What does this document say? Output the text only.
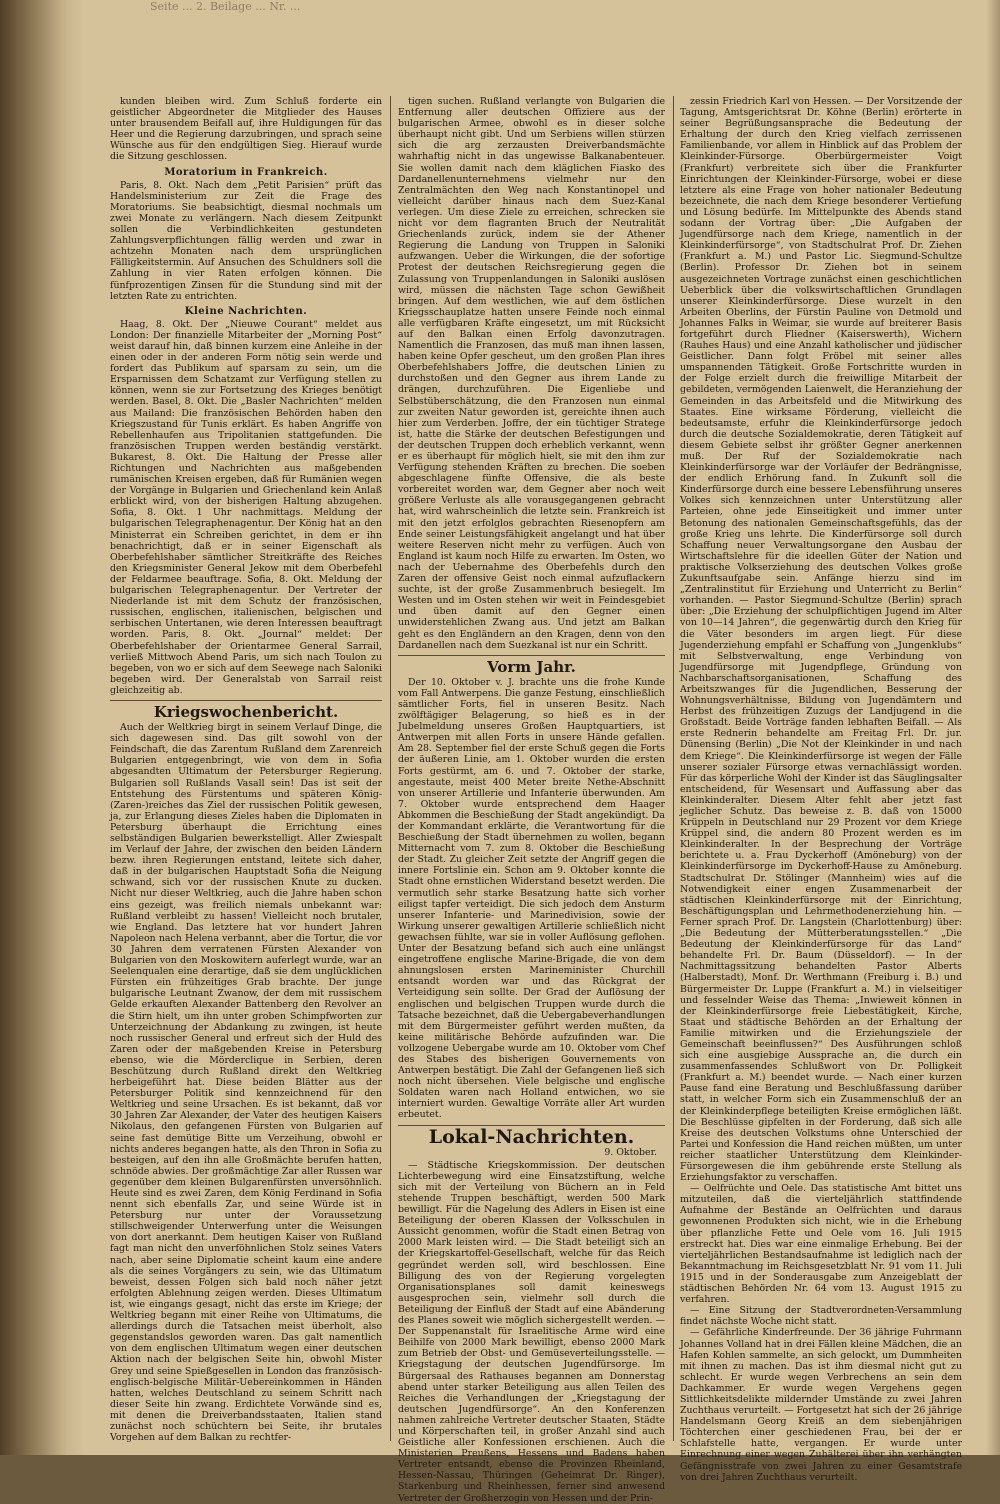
Seite ... 2. Beilage ... Nr. ...

kunden bleiben wird. Zum Schluß forderte ein geistlicher Abgeordneter die Mitglieder des Hauses unter brausendem Beifall auf, ihre Huldigungen für das Heer und die Regierung darzubringen, und sprach seine Wünsche aus für den endgültigen Sieg. Hierauf wurde die Sitzung geschlossen.

Moratorium in Frankreich.

Paris, 8. Okt. Nach dem „Petit Parisien“ prüft das Handelsministerium zur Zeit die Frage des Moratoriums. Sie beabsichtigt, diesmal nochmals um zwei Monate zu verlängern. Nach diesem Zeitpunkt sollen die Verbindlichkeiten gestundeten Zahlungsverpflichtungen fällig werden und zwar in achtzehn Monaten nach dem ursprünglichen Fälligkeitstermin. Auf Ansuchen des Schuldners soll die Zahlung in vier Raten erfolgen können. Die fünfprozentigen Zinsen für die Stundung sind mit der letzten Rate zu entrichten.

Kleine Nachrichten.

Haag, 8. Okt. Der „Nieuwe Courant“ meldet aus London: Der finanzielle Mitarbeiter der „Morning Post“ weist darauf hin, daß binnen kurzem eine Anleihe in der einen oder in der anderen Form nötig sein werde und fordert das Publikum auf sparsam zu sein, um die Ersparnissen dem Schatzamt zur Verfügung stellen zu können, wenn sie zur Fortsetzung des Krieges benötigt werden. Basel, 8. Okt. Die „Basler Nachrichten“ melden aus Mailand: Die französischen Behörden haben den Kriegszustand für Tunis erklärt. Es haben Angriffe von Rebellenhaufen aus Tripolitanien stattgefunden. Die französischen Truppen werden beständig verstärkt. Bukarest, 8. Okt. Die Haltung der Presse aller Richtungen und Nachrichten aus maßgebenden rumänischen Kreisen ergeben, daß für Rumänien wegen der Vorgänge in Bulgarien und Griechenland kein Anlaß erblickt wird, von der bisherigen Haltung abzugehen. Sofia, 8. Okt. 1 Uhr nachmittags. Meldung der bulgarischen Telegraphenagentur. Der König hat an den Ministerrat ein Schreiben gerichtet, in dem er ihn benachrichtigt, daß er in seiner Eigenschaft als Oberbefehlshaber sämtlicher Streitkräfte des Reiches den Kriegsminister General Jekow mit dem Oberbefehl der Feldarmee beauftrage. Sofia, 8. Okt. Meldung der bulgarischen Telegraphenagentur. Der Vertreter der Niederlande ist mit dem Schutz der französischen, russischen, englischen, italienischen, belgischen und serbischen Untertanen, wie deren Interessen beauftragt worden. Paris, 8. Okt. „Journal“ meldet: Der Oberbefehlshaber der Orientarmee General Sarrail, verließ Mittwoch Abend Paris, um sich nach Toulon zu begeben, von wo er sich auf dem Seewege nach Saloniki begeben wird. Der Generalstab von Sarrail reist gleichzeitig ab.

Kriegswochenbericht.

Auch der Weltkrieg birgt in seinem Verlauf Dinge, die sich dagewesen sind. Das gilt sowohl von der Feindschaft, die das Zarentum Rußland dem Zarenreich Bulgarien entgegenbringt, wie von dem in Sofia abgesandten Ultimatum der Petersburger Regierung. Bulgarien soll Rußlands Vasall sein! Das ist seit der Entstehung des Fürstentums und späteren König-(Zaren-)reiches das Ziel der russischen Politik gewesen, ja, zur Erlangung dieses Zieles haben die Diplomaten in Petersburg überhaupt die Errichtung eines selbständigen Bulgarien bewerkstelligt. Aller Zwiespalt im Verlauf der Jahre, der zwischen den beiden Ländern bezw. ihren Regierungen entstand, leitete sich daher, daß in der bulgarischen Hauptstadt Sofia die Neigung schwand, sich vor der russischen Knute zu ducken. Nicht nur dieser Weltkrieg, auch die Jahre haben schon eins gezeigt, was freilich niemals unbekannt war: Rußland verbleibt zu hassen! Vielleicht noch brutaler, wie England. Das letztere hat vor hundert Jahren Napoleon nach Helena verbannt, aber die Tortur, die vor 30 Jahren dem verratenen Fürsten Alexander von Bulgarien von den Moskowitern auferlegt wurde, war an Seelenqualen eine derartige, daß sie dem unglücklichen Fürsten ein frühzeitiges Grab brachte. Der junge bulgarische Leutnant Zwanow, der dem mit russischem Gelde erkauften Alexander Battenberg den Revolver an die Stirn hielt, um ihn unter groben Schimpfworten zur Unterzeichnung der Abdankung zu zwingen, ist heute noch russischer General und erfreut sich der Huld des Zaren oder der maßgebenden Kreise in Petersburg ebenso, wie die Mörderclique in Serbien, deren Beschützung durch Rußland direkt den Weltkrieg herbeigeführt hat. Diese beiden Blätter aus der Petersburger Politik sind kennzeichnend für den Weltkrieg und seine Ursachen. Es ist bekannt, daß vor 30 Jahren Zar Alexander, der Vater des heutigen Kaisers Nikolaus, den gefangenen Fürsten von Bulgarien auf seine fast demütige Bitte um Verzeihung, obwohl er nichts anderes begangen hatte, als den Thron in Sofia zu besteigen, auf den ihn alle Großmächte berufen hatten, schnöde abwies. Der großmächtige Zar aller Russen war gegenüber dem kleinen Bulgarenfürsten unversöhnlich. Heute sind es zwei Zaren, dem König Ferdinand in Sofia nennt sich ebenfalls Zar, und seine Würde ist in Petersburg nur unter der Voraussetzung stillschweigender Unterwerfung unter die Weisungen von dort anerkannt. Dem heutigen Kaiser von Rußland fagt man nicht den unverföhnlichen Stolz seines Vaters nach, aber seine Diplomatie scheint kaum eine andere als die seines Vorgängers zu sein, wie das Ultimatum beweist, dessen Folgen sich bald noch näher jetzt erfolgten Ablehnung zeigen werden. Dieses Ultimatum ist, wie eingangs gesagt, nicht das erste im Kriege; der Weltkrieg begann mit einer Reihe von Ultimatums, die allerdings durch die Tatsachen meist überholt, also gegenstandslos geworden waren. Das galt namentlich von dem englischen Ultimatum wegen einer deutschen Aktion nach der belgischen Seite hin, obwohl Mister Grey und seine Spießgesellen in London das französisch-englisch-belgische Militär-Uebereinkommen in Händen hatten, welches Deutschland zu seinem Schritt nach dieser Seite hin zwang. Erdichtete Vorwände sind es, mit denen die Dreiverbandsstaaten, Italien stand zunächst noch schüchtern bei Seite, ihr brutales Vorgehen auf dem Balkan zu rechtfer-

tigen suchen. Rußland verlangte von Bulgarien die Entfernung aller deutschen Offiziere aus der bulgarischen Armee, obwohl es in dieser solche überhaupt nicht gibt. Und um Serbiens willen stürzen sich die arg zerzausten Dreiverbandsmächte wahrhaftig nicht in das ungewisse Balkanabenteuer. Sie wollen damit nach dem kläglichen Fiasko des Dardanellenunternehmens vielmehr nur den Zentralmächten den Weg nach Konstantinopel und vielleicht darüber hinaus nach dem Suez-Kanal verlegen. Um diese Ziele zu erreichen, schrecken sie nicht vor dem flagranten Bruch der Neutralität Griechenlands zurück, indem sie der Athener Regierung die Landung von Truppen in Saloniki aufzwangen. Ueber die Wirkungen, die der sofortige Protest der deutschen Reichsregierung gegen die Zulassung von Truppenlandungen in Saloniki auslösen wird, müssen die nächsten Tage schon Gewißheit bringen. Auf dem westlichen, wie auf dem östlichen Kriegsschauplatze hatten unsere Feinde noch einmal alle verfügbaren Kräfte eingesetzt, um mit Rücksicht auf den Balkan einen Erfolg davonzutragen. Namentlich die Franzosen, das muß man ihnen lassen, haben keine Opfer gescheut, um den großen Plan ihres Oberbefehlshabers Joffre, die deutschen Linien zu durchstoßen und den Gegner aus ihrem Lande zu drängen, durchzuführen. Die Eigenliebe und Selbstüberschätzung, die den Franzosen nun einmal zur zweiten Natur geworden ist, gereichte ihnen auch hier zum Verderben. Joffre, der ein tüchtiger Stratege ist, hatte die Stärke der deutschen Befestigungen und der deutschen Truppen doch erheblich verkannt, wenn er es überhaupt für möglich hielt, sie mit den ihm zur Verfügung stehenden Kräften zu brechen. Die soeben abgeschlagene fünfte Offensive, die als beste vorbereitet worden war, dem Gegner aber noch weit größere Verluste als alle vorausgegangenen gebracht hat, wird wahrscheinlich die letzte sein. Frankreich ist mit den jetzt erfolglos gebrachten Riesenopfern am Ende seiner Leistungsfähigkeit angelangt und hat über weitere Reserven nicht mehr zu verfügen. Auch von England ist kaum noch Hilfe zu erwarten. Im Osten, wo nach der Uebernahme des Oberbefehls durch den Zaren der offensive Geist noch einmal aufzuflackern suchte, ist der große Zusammenbruch besiegelt. Im Westen und im Osten stehen wir weit in Feindesgebiet und üben damit auf den Gegner einen unwiderstehlichen Zwang aus. Und jetzt am Balkan geht es den Engländern an den Kragen, denn von den Dardanellen nach dem Suezkanal ist nur ein Schritt.

Vorm Jahr.

Der 10. Oktober v. J. brachte uns die frohe Kunde vom Fall Antwerpens. Die ganze Festung, einschließlich sämtlicher Forts, fiel in unseren Besitz. Nach zwölftägiger Belagerung, so hieß es in der Jubelmeldung unseres Großen Hauptquartiers, ist Antwerpen mit allen Forts in unsere Hände gefallen. Am 28. September fiel der erste Schuß gegen die Forts der äußeren Linie, am 1. Oktober wurden die ersten Forts gestürmt, am 6. und 7. Oktober der starke, angestaute, meist 400 Meter breite Nethe-Abschnitt von unserer Artillerie und Infanterie überwunden. Am 7. Oktober wurde entsprechend dem Haager Abkommen die Beschießung der Stadt angekündigt. Da der Kommandant erklärte, die Verantwortung für die Beschießung der Stadt übernehmen zu wollen, begann Mitternacht vom 7. zum 8. Oktober die Beschießung der Stadt. Zu gleicher Zeit setzte der Angriff gegen die innere Fortslinie ein. Schon am 9. Oktober konnte die Stadt ohne ernstlichen Widerstand besetzt werden. Die vermutlich sehr starke Besatzung hatte sich vorher eiligst tapfer verteidigt. Die sich jedoch dem Ansturm unserer Infanterie- und Marinedivision, sowie der Wirkung unserer gewaltigen Artillerie schließlich nicht gewachsen fühlte, war sie in voller Auflösung geflohen. Unter der Besatzung befand sich auch eine unlängst eingetroffene englische Marine-Brigade, die von dem ahnungslosen ersten Marineminister Churchill entsandt worden war und das Rückgrat der Verteidigung sein sollte. Der Grad der Auflösung der englischen und belgischen Truppen wurde durch die Tatsache bezeichnet, daß die Uebergabeverhandlungen mit dem Bürgermeister geführt werden mußten, da keine militärische Behörde aufzufinden war. Die vollzogene Uebergabe wurde am 10. Oktober vom Chef des Stabes des bisherigen Gouvernements von Antwerpen bestätigt. Die Zahl der Gefangenen ließ sich noch nicht übersehen. Viele belgische und englische Soldaten waren nach Holland entwichen, wo sie interniert wurden. Gewaltige Vorräte aller Art wurden erbeutet.

Lokal-Nachrichten.
9. Oktober.

— Städtische Kriegskommission. Der deutschen Lichterbewegung wird eine Einsatzstiftung, welche sich mit der Verteilung von Büchern an in Feld stehende Truppen beschäftigt, werden 500 Mark bewilligt. Für die Nagelung des Adlers in Eisen ist eine Beteiligung der oberen Klassen der Volksschulen in Aussicht genommen, wofür die Stadt einen Betrag von 2000 Mark leisten wird. — Die Stadt beteiligt sich an der Kriegskartoffel-Gesellschaft, welche für das Reich gegründet werden soll, wird beschlossen. Eine Billigung des von der Regierung vorgelegten Organisationsplanes soll damit keineswegs ausgesprochen sein, vielmehr soll durch die Beteiligung der Einfluß der Stadt auf eine Abänderung des Planes soweit wie möglich sichergestellt werden. — Der Suppenanstalt für Israelitische Arme wird eine Beihilfe von 2000 Mark bewilligt, ebenso 2000 Mark zum Betrieb der Obst- und Gemüseverteilungsstelle. — Kriegstagung der deutschen Jugendfürsorge. Im Bürgersaal des Rathauses begannen am Donnerstag abend unter starker Beteiligung aus allen Teilen des Reiches die Verhandlungen der „Kriegstagung der deutschen Jugendfürsorge“. An den Konferenzen nahmen zahlreiche Vertreter deutscher Staaten, Städte und Körperschaften teil, in großer Anzahl sind auch Geistliche aller Konfessionen erschienen. Auch die Ministerien Preußens, Hessens und Badens haben Vertreter entsandt, ebenso die Provinzen Rheinland, Hessen-Nassau, Thüringen (Geheimrat Dr. Ringer), Starkenburg und Rheinhessen, ferner sind anwesend Vertreter der Großherzogin von Hessen und der Prin-

zessin Friedrich Karl von Hessen. — Der Vorsitzende der Tagung, Amtsgerichtsrat Dr. Köhne (Berlin) erörterte in seiner Begrüßungsansprache die Bedeutung der Erhaltung der durch den Krieg vielfach zerrissenen Familienbande, vor allem in Hinblick auf das Problem der Kleinkinder-Fürsorge. Oberbürgermeister Voigt (Frankfurt) verbreitete sich über die Frankfurter Einrichtungen der Kleinkinder-Fürsorge, wobei er diese letztere als eine Frage von hoher nationaler Bedeutung bezeichnete, die nach dem Kriege besonderer Vertiefung und Lösung bedürfe. Im Mittelpunkte des Abends stand sodann der Vortrag über: „Die Aufgaben der Jugendfürsorge nach dem Kriege, namentlich in der Kleinkinderfürsorge“, von Stadtschulrat Prof. Dr. Ziehen (Frankfurt a. M.) und Pastor Lic. Siegmund-Schultze (Berlin). Professor Dr. Ziehen bot in seinem ausgezeichneten Vortrage zunächst einen geschichtlichen Ueberblick über die volkswirtschaftlichen Grundlagen unserer Kleinkinderfürsorge. Diese wurzelt in den Arbeiten Oberlins, der Fürstin Pauline von Detmold und Johannes Falks in Weimar, sie wurde auf breiterer Basis fortgeführt durch Fliedner (Kaiserswerth), Wichern (Rauhes Haus) und eine Anzahl katholischer und jüdischer Geistlicher. Dann folgt Fröbel mit seiner alles umspannenden Tätigkeit. Große Fortschritte wurden in der Folge erzielt durch die freiwillige Mitarbeit der gebildeten, vermögenden Laienwelt, die Heranziehung der Gemeinden in das Arbeitsfeld und die Mitwirkung des Staates. Eine wirksame Förderung, vielleicht die bedeutsamste, erfuhr die Kleinkinderfürsorge jedoch durch die deutsche Sozialdemokratie, deren Tätigkeit auf diesem Gebiete selbst ihr größter Gegner anerkennen muß. Der Ruf der Sozialdemokratie nach Kleinkinderfürsorge war der Vorläufer der Bedrängnisse, der endlich Erhörung fand. In Zukunft soll die Kinderfürsorge durch eine bessere Lebensführung unseres Volkes sich kennzeichnen unter Unterstützung aller Parteien, ohne jede Einseitigkeit und immer unter Betonung des nationalen Gemeinschaftsgefühls, das der große Krieg uns lehrte. Die Kinderfürsorge soll durch Schaffung neuer Verwaltungsorgane den Ausbau der Wirtschaftslehre für die ideellen Güter der Nation und praktische Volkserziehung des deutschen Volkes große Zukunftsaufgabe sein. Anfänge hierzu sind im „Zentralinstitut für Erziehung und Unterricht zu Berlin“ vorhanden. — Pastor Siegmund-Schultze (Berlin) sprach über: „Die Erziehung der schulpflichtigen Jugend im Alter von 10—14 Jahren“, die gegenwärtig durch den Krieg für die Väter besonders im argen liegt. Für diese Jugenderziehung empfahl er Schaffung von „Jungenklubs“ mit Selbstverwaltung, enge Verbindung von Jugendfürsorge mit Jugendpflege, Gründung von Nachbarschaftsorganisationen, Schaffung des Arbeitszwanges für die Jugendlichen, Besserung der Wohnungsverhältnisse, Bildung von Jugendämtern und Herbst des frühzeitigen Zuzugs der Landjugend in die Großstadt. Beide Vorträge fanden lebhaften Beifall. — Als erste Rednerin behandelte am Freitag Frl. Dr. jur. Dünensing (Berlin) „Die Not der Kleinkinder in und nach dem Kriege“. Die Kleinkinderfürsorge ist wegen der Fälle unserer sozialer Fürsorge etwas vernachlässigt worden. Für das körperliche Wohl der Kinder ist das Säuglingsalter entscheidend, für Wesensart und Auffassung aber das Kleinkinderalter. Diesem Alter fehlt aber jetzt fast jeglicher Schutz. Das beweise z. B. daß von 15000 Krüppeln in Deutschland nur 29 Prozent vor dem Kriege Krüppel sind, die andern 80 Prozent werden es im Kleinkinderalter. In der Besprechung der Vorträge berichtete u. a. Frau Dyckerhoff (Amöneburg) von der Kleinkinderfürsorge im Dyckerhoff-Hause zu Amöneburg. Stadtschulrat Dr. Stölinger (Mannheim) wies auf die Notwendigkeit einer engen Zusammenarbeit der städtischen Kleinkinderfürsorge mit der Einrichtung, Beschäftigungsplan und Lehrmethodenerziehung hin. — Ferner sprach Prof. Dr. Langstein (Charlottenburg) über: „Die Bedeutung der Mütterberatungsstellen.“ „Die Bedeutung der Kleinkinderfürsorge für das Land“ behandelte Frl. Dr. Baum (Düsseldorf). — In der Nachmittagssitzung behandelten Pastor Alberts (Halberstadt), Monf. Dr. Werthmann (Freiburg i. B.) und Bürgermeister Dr. Luppe (Frankfurt a. M.) in vielseitiger und fesselnder Weise das Thema: „Inwieweit können in der Kleinkinderfürsorge freie Liebestätigkeit, Kirche, Staat und städtische Behörden an der Erhaltung der Familie mitwirken und die Erziehungsziele der Gemeinschaft beeinflussen?“ Des Ausführungen schloß sich eine ausgiebige Aussprache an, die durch ein zusammenfassendes Schlußwort von Dr. Polligkeit (Frankfurt a. M.) beendet wurde. — Nach einer kurzen Pause fand eine Beratung und Beschlußfassung darüber statt, in welcher Form sich ein Zusammenschluß der an der Kleinkinderpflege beteiligten Kreise ermöglichen läßt. Die Beschlüsse gipfelten in der Forderung, daß sich alle Kreise des deutschen Volkstums ohne Unterschied der Partei und Konfession die Hand reichen müßten, um unter reicher staatlicher Unterstützung dem Kleinkinder-Fürsorgewesen die ihm gebührende erste Stellung als Erziehungsfaktor zu verschaffen.

— Oelfrüchte und Oele. Das statistische Amt bittet uns mitzuteilen, daß die vierteljährlich stattfindende Aufnahme der Bestände an Oelfrüchten und daraus gewonnenen Produkten sich nicht, wie in die Erhebung über pflanzliche Fette und Oele vom 16. Juli 1915 erstreckt hat. Dies war eine einmalige Erhebung. Bei der vierteljährlichen Bestandsaufnahme ist lediglich nach der Bekanntmachung im Reichsgesetzblatt Nr. 91 vom 11. Juli 1915 und in der Sonderausgabe zum Anzeigeblatt der städtischen Behörden Nr. 64 vom 13. August 1915 zu verfahren.

— Eine Sitzung der Stadtverordneten-Versammlung findet nächste Woche nicht statt.

— Gefährliche Kinderfreunde. Der 36 jährige Fuhrmann Johannes Volland hat in drei Fällen kleine Mädchen, die an Hafen Kohlen sammelte, an sich gelockt, um Dummheiten mit ihnen zu machen. Das ist ihm diesmal nicht gut zu schlecht. Er wurde wegen Verbrechens an sein dem Dachkammer. Er wurde wegen Vergehens gegen Sittlichkeitsdelikte mildernder Umstände zu zwei Jahren Zuchthaus verurteilt. — Fortgesetzt hat sich der 26 jährige Handelsmann Georg Kreiß an dem siebenjährigen Töchterchen einer geschiedenen Frau, bei der er Schlafstelle hatte, vergangen. Er wurde unter Einrechnung einer wegen Zuhälterei über ihn verhängten Gefängnisstrafe von zwei Jahren zu einer Gesamtstrafe von drei Jahren Zuchthaus verurteilt.
